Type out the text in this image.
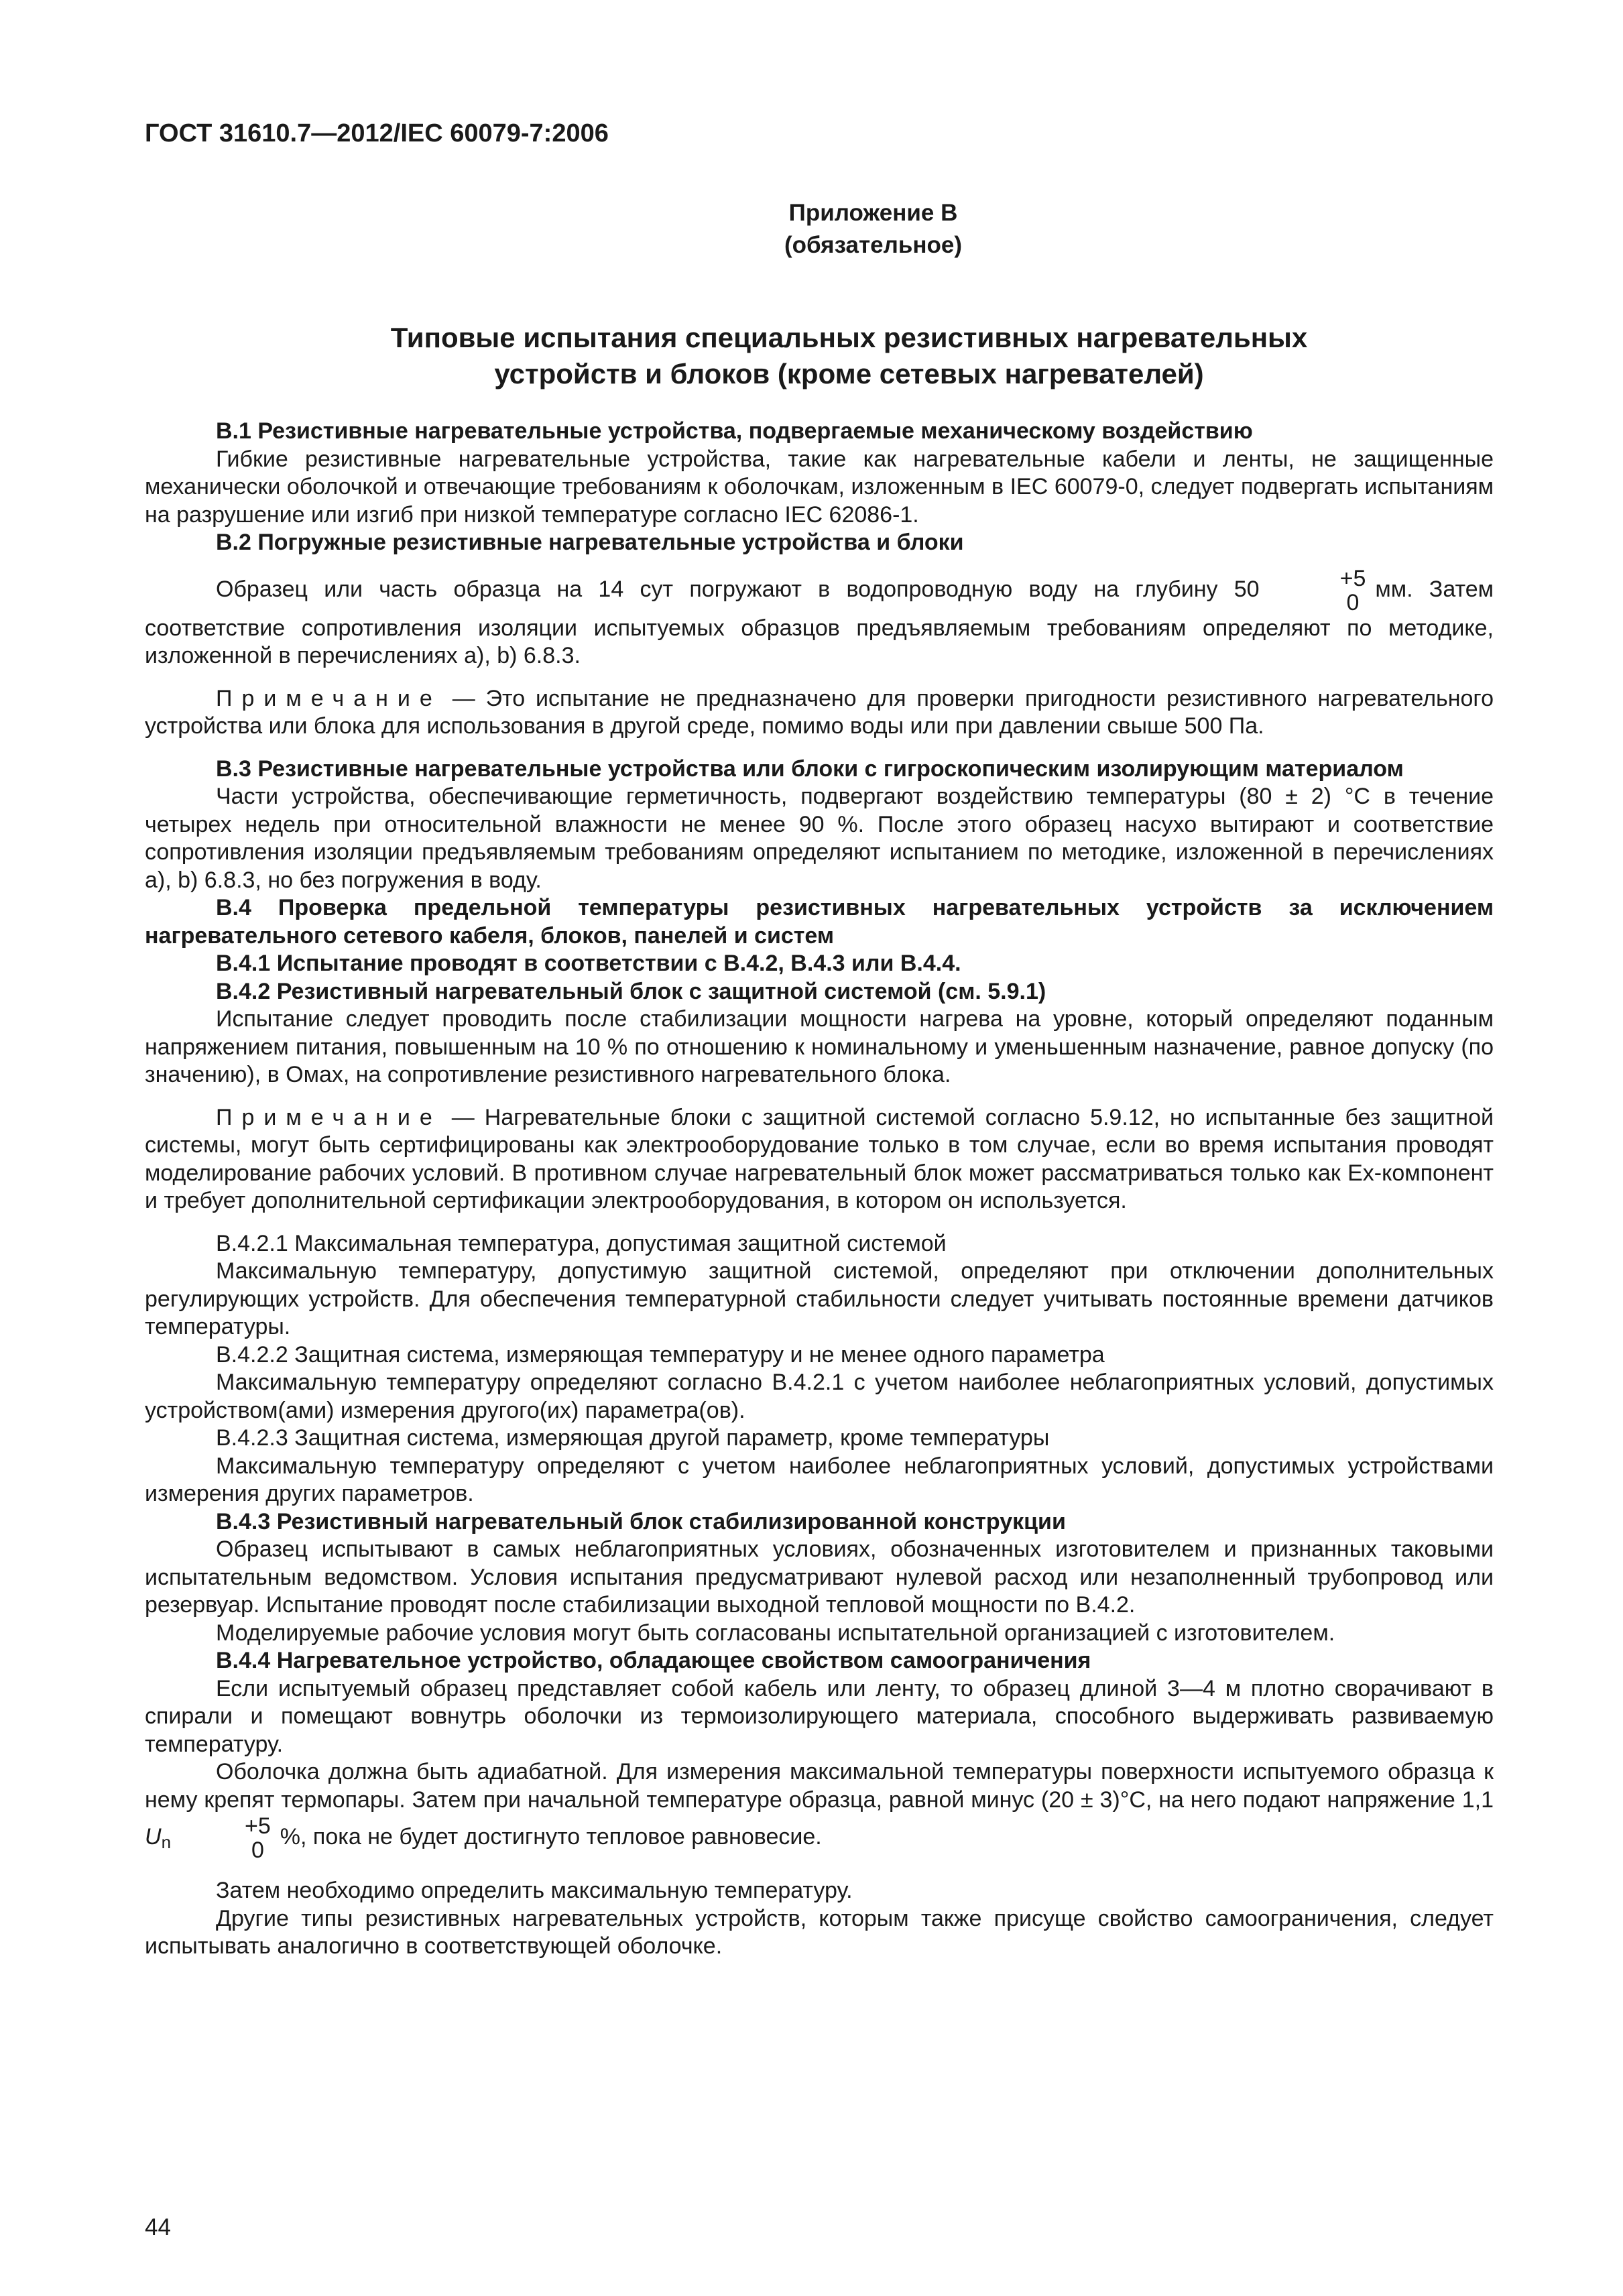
ГОСТ 31610.7—2012/IEC 60079-7:2006
Приложение В
(обязательное)
Типовые испытания специальных резистивных нагревательных
устройств и блоков (кроме сетевых нагревателей)

В.1 Резистивные нагревательные устройства, подвергаемые механическому воздействию

Гибкие резистивные нагревательные устройства, такие как нагревательные кабели и ленты, не защищенные механически оболочкой и отвечающие требованиям к оболочкам, изложенным в IEC 60079-0, следует подвергать испытаниям на разрушение или изгиб при низкой температуре согласно IEC 62086-1.

В.2 Погружные резистивные нагревательные устройства и блоки

Образец или часть образца на 14 сут погружают в водопроводную воду на глубину 50	+5
0
мм. Затем соответствие сопротивления изоляции испытуемых образцов предъявляемым требованиям определяют по методике, изложенной в перечислениях a), b) 6.8.3.

Примечание — Это испытание не предназначено для проверки пригодности резистивного нагревательного устройства или блока для использования в другой среде, помимо воды или при давлении свыше 500 Па.

В.3 Резистивные нагревательные устройства или блоки с гигроскопическим изолирующим материалом

Части устройства, обеспечивающие герметичность, подвергают воздействию температуры (80 ± 2) °С в течение четырех недель при относительной влажности не менее 90 %. После этого образец насухо вытирают и соответствие сопротивления изоляции предъявляемым требованиям определяют испытанием по методике, изложенной в перечислениях a), b) 6.8.3, но без погружения в воду.

В.4 Проверка предельной температуры резистивных нагревательных устройств за исключением нагревательного сетевого кабеля, блоков, панелей и систем

В.4.1 Испытание проводят в соответствии с В.4.2, В.4.3 или В.4.4.

В.4.2 Резистивный нагревательный блок с защитной системой (см. 5.9.1)

Испытание следует проводить после стабилизации мощности нагрева на уровне, который определяют поданным напряжением питания, повышенным на 10 % по отношению к номинальному и уменьшенным назначение, равное допуску (по значению), в Омах, на сопротивление резистивного нагревательного блока.

Примечание — Нагревательные блоки с защитной системой согласно 5.9.12, но испытанные без защитной системы, могут быть сертифицированы как электрооборудование только в том случае, если во время испытания проводят моделирование рабочих условий. В противном случае нагревательный блок может рассматриваться только как Ex-компонент и требует дополнительной сертификации электрооборудования, в котором он используется.

В.4.2.1 Максимальная температура, допустимая защитной системой

Максимальную температуру, допустимую защитной системой, определяют при отключении дополнительных регулирующих устройств. Для обеспечения температурной стабильности следует учитывать постоянные времени датчиков температуры.

В.4.2.2 Защитная система, измеряющая температуру и не менее одного параметра

Максимальную температуру определяют согласно В.4.2.1 с учетом наиболее неблагоприятных условий, допустимых устройством(ами) измерения другого(их) параметра(ов).

В.4.2.3 Защитная система, измеряющая другой параметр, кроме температуры

Максимальную температуру определяют с учетом наиболее неблагоприятных условий, допустимых устройствами измерения других параметров.

В.4.3 Резистивный нагревательный блок стабилизированной конструкции

Образец испытывают в самых неблагоприятных условиях, обозначенных изготовителем и признанных таковыми испытательным ведомством. Условия испытания предусматривают нулевой расход или незаполненный трубопровод или резервуар. Испытание проводят после стабилизации выходной тепловой мощности по В.4.2.

Моделируемые рабочие условия могут быть согласованы испытательной организацией с изготовителем.

В.4.4 Нагревательное устройство, обладающее свойством самоограничения

Если испытуемый образец представляет собой кабель или ленту, то образец длиной 3—4 м плотно сворачивают в спирали и помещают вовнутрь оболочки из термоизолирующего материала, способного выдерживать развиваемую температуру.

Оболочка должна быть адиабатной. Для измерения максимальной температуры поверхности испытуемого образца к нему крепят термопары. Затем при начальной температуре образца, равной минус (20 ± 3)°С, на него подают напряжение 1,1 $U_n$
+5
0
%, пока не будет достигнуто тепловое равновесие.

Затем необходимо определить максимальную температуру.

Другие типы резистивных нагревательных устройств, которым также присуще свойство самоограничения, следует испытывать аналогично в соответствующей оболочке.

44
